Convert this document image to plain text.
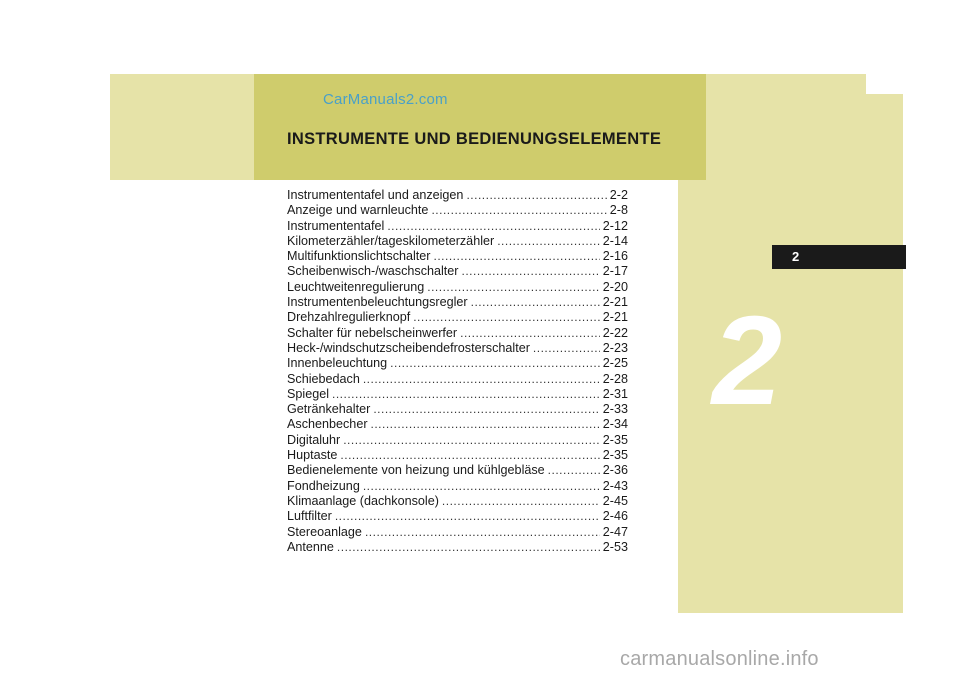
CarManuals2.com
INSTRUMENTE UND BEDIENUNGSELEMENTE
2
2
Instrumententafel und anzeigen .....	2-2
Anzeige und warnleuchte .....	2-8
Instrumententafel .....	2-12
Kilometerzähler/tageskilometerzähler .....	2-14
Multifunktionslichtschalter .....	2-16
Scheibenwisch-/waschschalter .....	2-17
Leuchtweitenregulierung .....	2-20
Instrumentenbeleuchtungsregler .....	2-21
Drehzahlregulierknopf .....	2-21
Schalter für nebelscheinwerfer .....	2-22
Heck-/windschutzscheibendefrosterschalter .....	2-23
Innenbeleuchtung .....	2-25
Schiebedach .....	2-28
Spiegel .....	2-31
Getränkehalter .....	2-33
Aschenbecher .....	2-34
Digitaluhr .....	2-35
Huptaste .....	2-35
Bedienelemente von heizung und kühlgebläse .....	2-36
Fondheizung .....	2-43
Klimaanlage (dachkonsole) .....	2-45
Luftfilter .....	2-46
Stereoanlage .....	2-47
Antenne .....	2-53
carmanualsonline.info
